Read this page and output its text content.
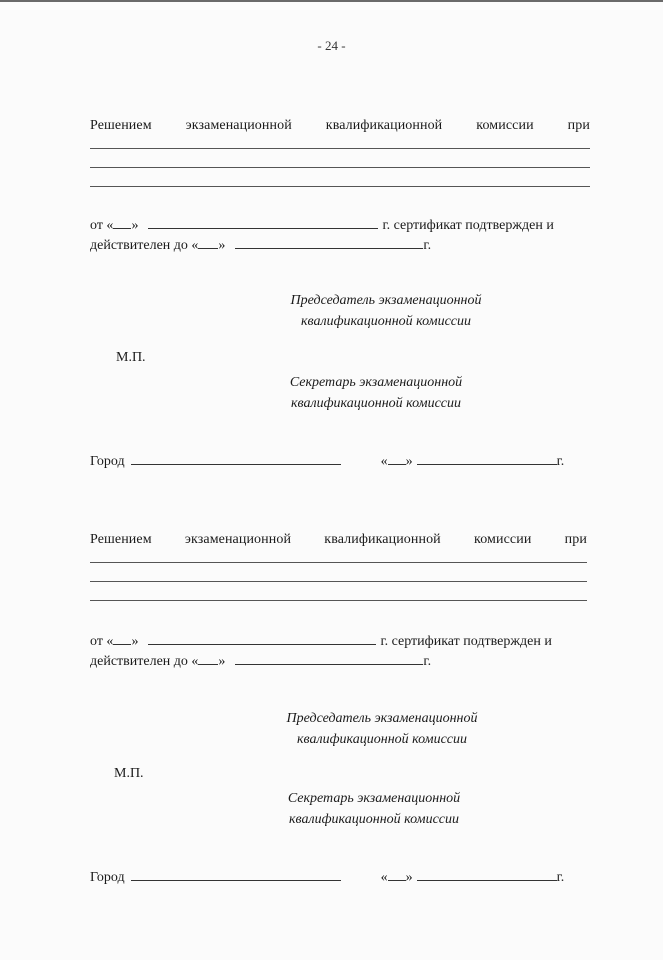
- 24 -
Решением экзаменационной квалификационной комиссии при
от « »	г. сертификат подтвержден и
действителен до « »	г.
Председатель экзаменационной
квалификационной комиссии
М.П.
Секретарь экзаменационной
квалификационной комиссии
Город	« »	г.
Решением экзаменационной квалификационной комиссии при
от « »	г. сертификат подтвержден и
действителен до « »	г.
Председатель экзаменационной
квалификационной комиссии
М.П.
Секретарь экзаменационной
квалификационной комиссии
Город	« »	г.
